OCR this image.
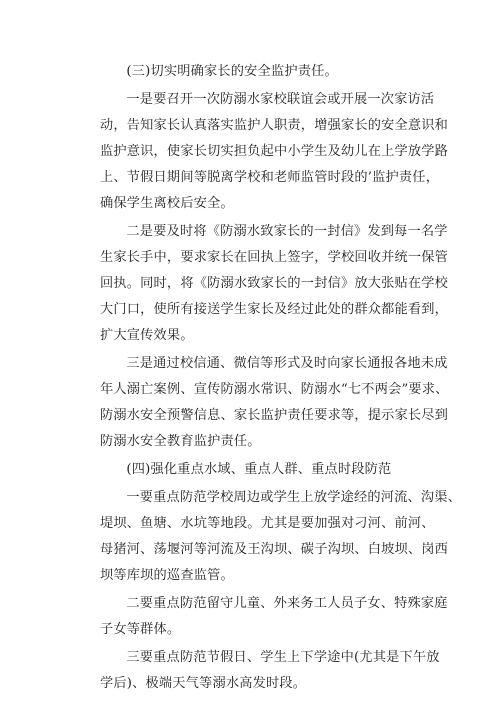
(三)切实明确家长的安全监护责任。

一是要召开一次防溺水家校联谊会或开展一次家访活
动，告知家长认真落实监护人职责，增强家长的安全意识和
监护意识，使家长切实担负起中小学生及幼儿在上学放学路
上、节假日期间等脱离学校和老师监管时段的’监护责任，
确保学生离校后安全。

二是要及时将《防溺水致家长的一封信》发到每一名学
生家长手中，要求家长在回执上签字，学校回收并统一保管
回执。同时，将《防溺水致家长的一封信》放大张贴在学校
大门口，使所有接送学生家长及经过此处的群众都能看到，
扩大宣传效果。

三是通过校信通、微信等形式及时向家长通报各地未成
年人溺亡案例、宣传防溺水常识、防溺水“七不两会”要求、
防溺水安全预警信息、家长监护责任要求等，提示家长尽到
防溺水安全教育监护责任。

(四)强化重点水域、重点人群、重点时段防范

一要重点防范学校周边或学生上放学途经的河流、沟渠、
堤坝、鱼塘、水坑等地段。尤其是要加强对刁河、前河、
母猪河、荡堰河等河流及王沟坝、碳子沟坝、白坡坝、岗西
坝等库坝的巡查监管。

二要重点防范留守儿童、外来务工人员子女、特殊家庭
子女等群体。

三要重点防范节假日、学生上下学途中(尤其是下午放
学后)、极端天气等溺水高发时段。
